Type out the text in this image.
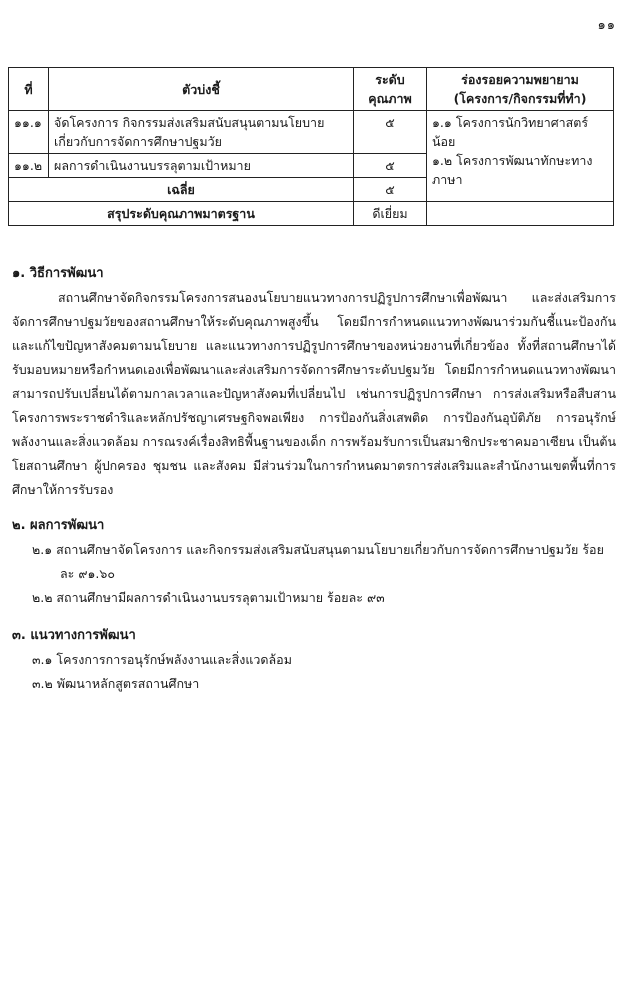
๑๑
ที่	ตัวบ่งชี้	ระดับคุณภาพ	ร่องรอยความพยายาม (โครงการ/กิจกรรมที่ทำ)
๑๑.๑	จัดโครงการ กิจกรรมส่งเสริมสนับสนุนตามนโยบายเกี่ยวกับการจัดการศึกษาปฐมวัย	๕	๑.๑ โครงการนักวิทยาศาสตร์น้อย
๑.๒ โครงการพัฒนาทักษะทางภาษา

๑๑.๒	ผลการดำเนินงานบรรลุตามเป้าหมาย	๕	
เฉลี่ย		๕	
สรุประดับคุณภาพมาตรฐาน		ดีเยี่ยม	
๑. วิธีการพัฒนา

สถานศึกษาจัดกิจกรรมโครงการสนองนโยบายแนวทางการปฏิรูปการศึกษาเพื่อพัฒนา และส่งเสริมการจัดการศึกษาปฐมวัยของสถานศึกษาให้ระดับคุณภาพสูงขึ้น โดยมีการกำหนดแนวทางพัฒนาร่วมกันชี้แนะป้องกันและแก้ไขปัญหาสังคมตามนโยบาย และแนวทางการปฏิรูปการศึกษาของหน่วยงานที่เกี่ยวข้อง ทั้งที่สถานศึกษาได้รับมอบหมายหรือกำหนดเองเพื่อพัฒนาและส่งเสริมการจัดการศึกษาระดับปฐมวัย โดยมีการกำหนดแนวทางพัฒนาสามารถปรับเปลี่ยนได้ตามกาลเวลาและปัญหาสังคมที่เปลี่ยนไป เช่นการปฏิรูปการศึกษา การส่งเสริมหรือสืบสานโครงการพระราชดำริและหลักปรัชญาเศรษฐกิจพอเพียง การป้องกันสิ่งเสพติด การป้องกันอุบัติภัย การอนุรักษ์พลังงานและสิ่งแวดล้อม การณรงค์เรื่องสิทธิพื้นฐานของเด็ก การพร้อมรับการเป็นสมาชิกประชาคมอาเซียน เป็นต้น โยสถานศึกษา ผู้ปกครอง ชุมชน และสังคม มีส่วนร่วมในการกำหนดมาตรการส่งเสริมและสำนักงานเขตพื้นที่การศึกษาให้การรับรอง

๒. ผลการพัฒนา

๒.๑ สถานศึกษาจัดโครงการ และกิจกรรมส่งเสริมสนับสนุนตามนโยบายเกี่ยวกับการจัดการศึกษาปฐมวัย ร้อยละ ๙๑.๖๐

๒.๒ สถานศึกษามีผลการดำเนินงานบรรลุตามเป้าหมาย ร้อยละ ๙๓

๓. แนวทางการพัฒนา

๓.๑ โครงการการอนุรักษ์พลังงานและสิ่งแวดล้อม

๓.๒ พัฒนาหลักสูตรสถานศึกษา
